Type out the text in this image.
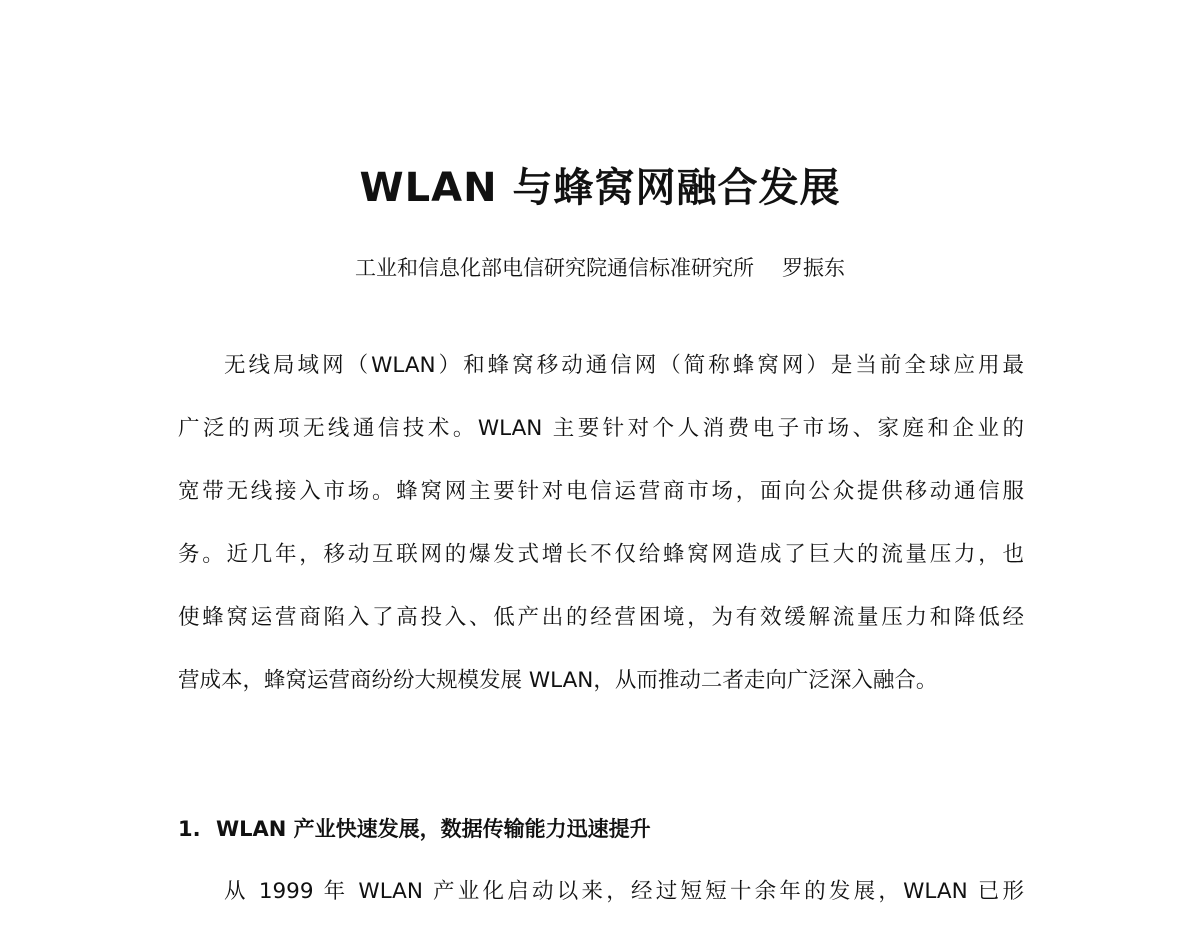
WLAN 与蜂窝网融合发展
工业和信息化部电信研究院通信标准研究所 罗振东
无线局域网（WLAN）和蜂窝移动通信网（简称蜂窝网）是当前全球应用最
广泛的两项无线通信技术。WLAN 主要针对个人消费电子市场、家庭和企业的
宽带无线接入市场。蜂窝网主要针对电信运营商市场，面向公众提供移动通信服
务。近几年，移动互联网的爆发式增长不仅给蜂窝网造成了巨大的流量压力，也
使蜂窝运营商陷入了高投入、低产出的经营困境，为有效缓解流量压力和降低经
营成本，蜂窝运营商纷纷大规模发展 WLAN，从而推动二者走向广泛深入融合。
1. WLAN 产业快速发展，数据传输能力迅速提升
从 1999 年 WLAN 产业化启动以来，经过短短十余年的发展，WLAN 已形
